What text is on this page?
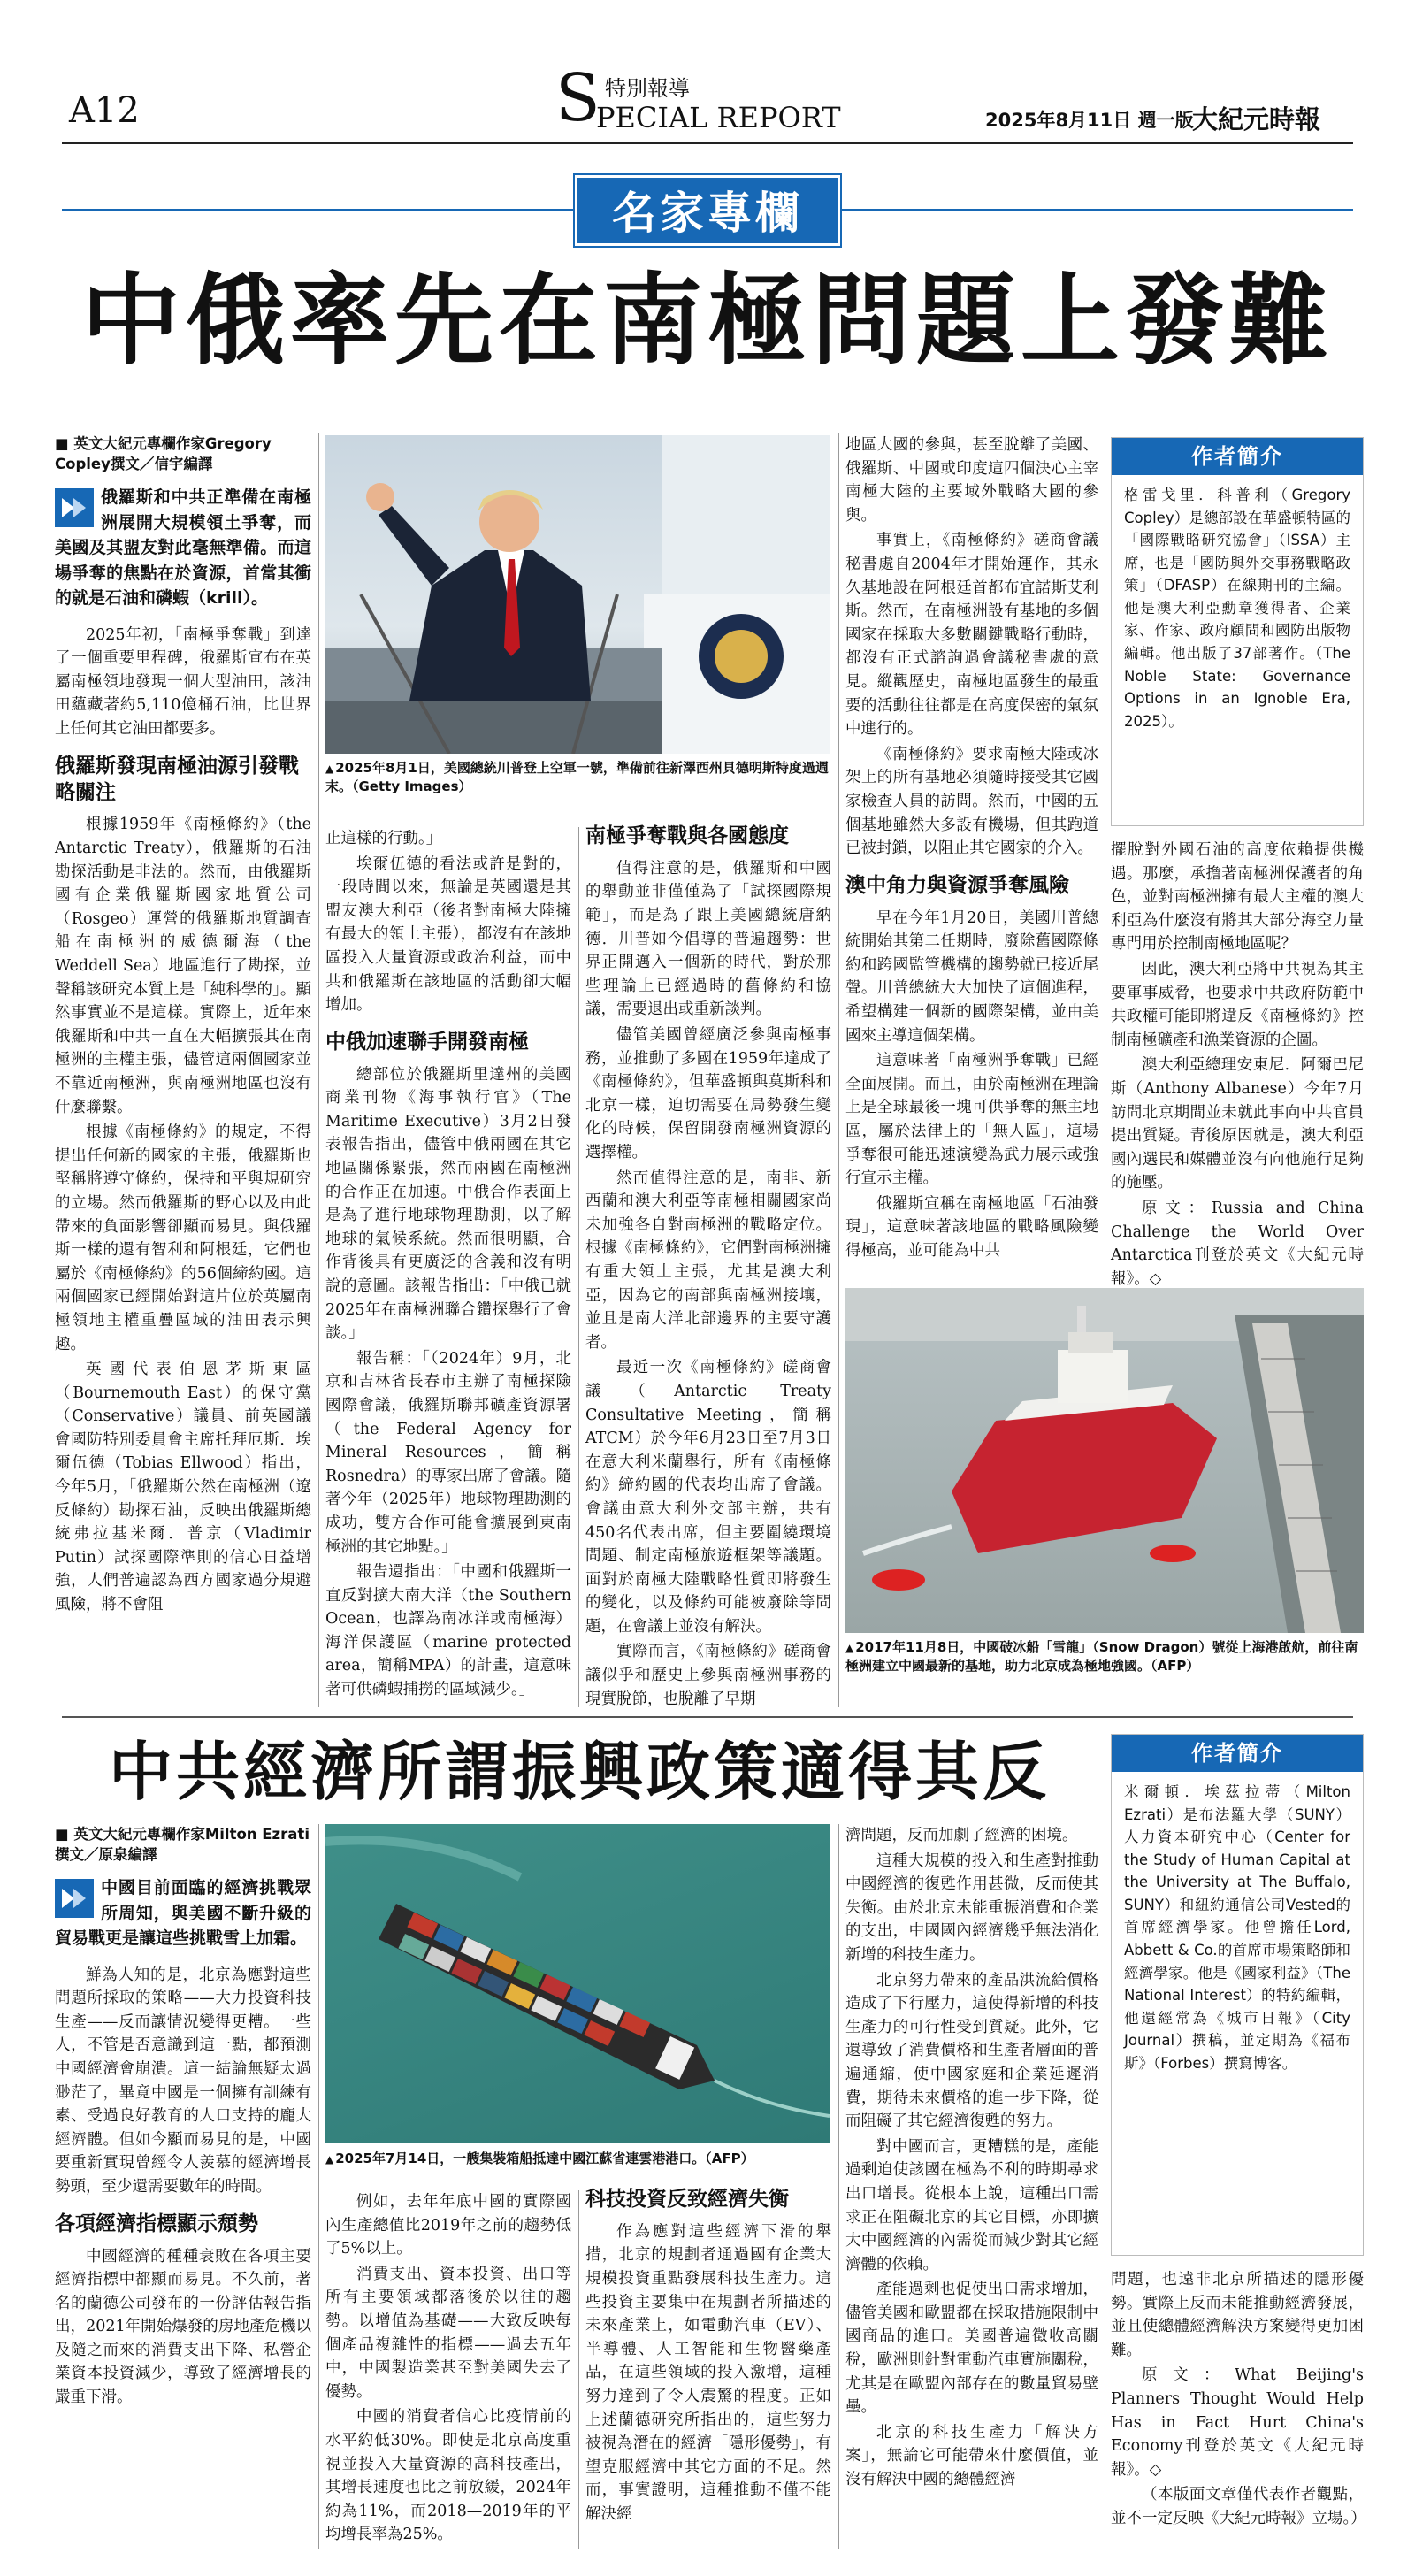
A12	S 特別報導
PECIAL REPORT	2025年8月11日 週一版
大紀元時報
名家專欄
中俄率先在南極問題上發難
■ 英文大紀元專欄作家Gregory Copley撰文／信宇編譯
俄羅斯和中共正準備在南極洲展開大規模領土爭奪，而美國及其盟友對此毫無準備。而這場爭奪的焦點在於資源，首當其衝的就是石油和磷蝦（krill）。
2025年初，「南極爭奪戰」到達了一個重要里程碑，俄羅斯宣布在英屬南極領地發現一個大型油田，該油田蘊藏著約5,110億桶石油，比世界上任何其它油田都要多。
俄羅斯發現南極油源引發戰略關注
根據1959年《南極條約》（the Antarctic Treaty），俄羅斯的石油勘探活動是非法的。然而，由俄羅斯國有企業俄羅斯國家地質公司（Rosgeo）運營的俄羅斯地質調查船在南極洲的威德爾海（the Weddell Sea）地區進行了勘探，並聲稱該研究本質上是「純科學的」。顯然事實並不是這樣。實際上，近年來俄羅斯和中共一直在大幅擴張其在南極洲的主權主張，儘管這兩個國家並不靠近南極洲，與南極洲地區也沒有什麼聯繫。
根據《南極條約》的規定，不得提出任何新的國家的主張，俄羅斯也堅稱將遵守條約，保持和平與規研究的立場。然而俄羅斯的野心以及由此帶來的負面影響卻顯而易見。與俄羅斯一樣的還有智利和阿根廷，它們也屬於《南極條約》的56個締約國。這兩個國家已經開始對這片位於英屬南極領地主權重疊區域的油田表示興趣。
英國代表伯恩茅斯東區（Bournemouth East）的保守黨（Conservative）議員、前英國議會國防特別委員會主席托拜厄斯．埃爾伍德（Tobias Ellwood）指出，今年5月，「俄羅斯公然在南極洲（遼反條約）勘探石油，反映出俄羅斯總統弗拉基米爾．普京（Vladimir Putin）試探國際準則的信心日益增強，人們普遍認為西方國家過分規避風險，將不會阻
▲ 2025年8月1日，美國總統川普登上空軍一號，準備前往新澤西州貝德明斯特度過週末。（Getty Images）
止這樣的行動。」
埃爾伍德的看法或許是對的，一段時間以來，無論是英國還是其盟友澳大利亞（後者對南極大陸擁有最大的領土主張），都沒有在該地區投入大量資源或政治利益，而中共和俄羅斯在該地區的活動卻大幅增加。
中俄加速聯手開發南極
總部位於俄羅斯里達州的美國商業刊物《海事執行官》（The Maritime Executive）3月2日發表報告指出，儘管中俄兩國在其它地區關係緊張，然而兩國在南極洲的合作正在加速。中俄合作表面上是為了進行地球物理勘測，以了解地球的氣候系統。然而很明顯，合作背後具有更廣泛的含義和沒有明說的意圖。該報告指出：「中俄已就2025年在南極洲聯合鑽探舉行了會談。」
報告稱：「（2024年）9月，北京和吉林省長春市主辦了南極探險國際會議，俄羅斯聯邦礦產資源署（the Federal Agency for Mineral Resources，簡稱Rosnedra）的專家出席了會議。隨著今年（2025年）地球物理勘測的成功，雙方合作可能會擴展到東南極洲的其它地點。」
報告還指出：「中國和俄羅斯一直反對擴大南大洋（the Southern Ocean，也譯為南冰洋或南極海）海洋保護區（marine protected area，簡稱MPA）的計畫，這意味著可供磷蝦捕撈的區域減少。」
南極爭奪戰與各國態度
值得注意的是，俄羅斯和中國的舉動並非僅僅為了「試探國際規範」，而是為了跟上美國總統唐納德．川普如今倡導的普遍趨勢：世界正開邁入一個新的時代，對於那些理論上已經過時的舊條約和協議，需要退出或重新談判。
儘管美國曾經廣泛參與南極事務，並推動了多國在1959年達成了《南極條約》，但華盛頓與莫斯科和北京一樣，迫切需要在局勢發生變化的時候，保留開發南極洲資源的選擇權。
然而值得注意的是，南非、新西蘭和澳大利亞等南極相關國家尚未加強各自對南極洲的戰略定位。根據《南極條約》，它們對南極洲擁有重大領土主張，尤其是澳大利亞，因為它的南部與南極洲接壤，並且是南大洋北部邊界的主要守護者。
最近一次《南極條約》磋商會議（Antarctic Treaty Consultative Meeting，簡稱ATCM）於今年6月23日至7月3日在意大利米蘭舉行，所有《南極條約》締約國的代表均出席了會議。會議由意大利外交部主辦，共有450名代表出席，但主要圍繞環境問題、制定南極旅遊框架等議題。面對於南極大陸戰略性質即將發生的變化，以及條約可能被廢除等問題，在會議上並沒有解決。
實際而言，《南極條約》磋商會議似乎和歷史上參與南極洲事務的現實脫節，也脫離了早期
地區大國的參與，甚至脫離了美國、俄羅斯、中國或印度這四個決心主宰南極大陸的主要域外戰略大國的參與。
事實上，《南極條約》磋商會議秘書處自2004年才開始運作，其永久基地設在阿根廷首都布宜諾斯艾利斯。然而，在南極洲設有基地的多個國家在採取大多數關鍵戰略行動時，都沒有正式諮詢過會議秘書處的意見。縱觀歷史，南極地區發生的最重要的活動往往都是在高度保密的氣氛中進行的。
《南極條約》要求南極大陸或冰架上的所有基地必須隨時接受其它國家檢查人員的訪問。然而，中國的五個基地雖然大多設有機場，但其跑道已被封鎖，以阻止其它國家的介入。
澳中角力與資源爭奪風險
早在今年1月20日，美國川普總統開始其第二任期時，廢除舊國際條約和跨國監管機構的趨勢就已接近尾聲。川普總統大大加快了這個進程，希望構建一個新的國際架構，並由美國來主導這個架構。
這意味著「南極洲爭奪戰」已經全面展開。而且，由於南極洲在理論上是全球最後一塊可供爭奪的無主地區，屬於法律上的「無人區」，這場爭奪很可能迅速演變為武力展示或強行宣示主權。
俄羅斯宣稱在南極地區「石油發現」，這意味著該地區的戰略風險變得極高，並可能為中共
作者簡介
格雷戈里．科普利（Gregory Copley）是總部設在華盛頓特區的「國際戰略研究協會」（ISSA）主席，也是「國防與外交事務戰略政策」（DFASP）在線期刊的主編。他是澳大利亞勳章獲得者、企業家、作家、政府顧問和國防出版物編輯。他出版了37部著作。（The Noble State: Governance Options in an Ignoble Era, 2025）。
擺脫對外國石油的高度依賴提供機遇。那麼，承擔著南極洲保護者的角色，並對南極洲擁有最大主權的澳大利亞為什麼沒有將其大部分海空力量專門用於控制南極地區呢？
因此，澳大利亞將中共視為其主要軍事威脅，也要求中共政府防範中共政權可能即將違反《南極條約》控制南極礦產和漁業資源的企圖。
澳大利亞總理安東尼．阿爾巴尼斯（Anthony Albanese）今年7月訪問北京期間並未就此事向中共官員提出質疑。青後原因就是，澳大利亞國內選民和媒體並沒有向他施行足夠的施壓。
原文：Russia and China Challenge the World Over Antarctica刊登於英文《大紀元時報》。◇
▲ 2017年11月8日，中國破冰船「雪龍」（Snow Dragon）號從上海港啟航，前往南極洲建立中國最新的基地，助力北京成為極地強國。（AFP）
中共經濟所謂振興政策適得其反	作者簡介
米爾頓．埃茲拉蒂（Milton Ezrati）是布法羅大學（SUNY）人力資本研究中心（Center for the Study of Human Capital at the University at The Buffalo, SUNY）和紐約通信公司Vested的首席經濟學家。他曾擔任Lord, Abbett & Co.的首席市場策略師和經濟學家。他是《國家利益》（The National Interest）的特約編輯，他還經常為《城市日報》（City Journal）撰稿，並定期為《福布斯》（Forbes）撰寫博客。
■ 英文大紀元專欄作家Milton Ezrati撰文／原泉編譯
中國目前面臨的經濟挑戰眾所周知，與美國不斷升級的貿易戰更是讓這些挑戰雪上加霜。
鮮為人知的是，北京為應對這些問題所採取的策略——大力投資科技生產——反而讓情況變得更糟。一些人，不管是否意識到這一點，都預測中國經濟會崩潰。這一結論無疑太過渺茫了，畢竟中國是一個擁有訓練有素、受過良好教育的人口支持的龐大經濟體。但如今顯而易見的是，中國要重新實現曾經令人羨慕的經濟增長勢頭，至少還需要數年的時間。
各項經濟指標顯示頹勢
中國經濟的種種衰敗在各項主要經濟指標中都顯而易見。不久前，著名的蘭德公司發布的一份評估報告指出，2021年開始爆發的房地產危機以及隨之而來的消費支出下降、私營企業資本投資減少，導致了經濟增長的嚴重下滑。
▲ 2025年7月14日，一艘集裝箱船抵達中國江蘇省連雲港港口。（AFP）
例如，去年年底中國的實際國內生產總值比2019年之前的趨勢低了5%以上。
消費支出、資本投資、出口等所有主要領域都落後於以往的趨勢。以增值為基礎——大致反映每個產品複雜性的指標——過去五年中，中國製造業甚至對美國失去了優勢。
中國的消費者信心比疫情前的水平約低30%。即使是北京高度重視並投入大量資源的高科技產出，其增長速度也比之前放緩，2024年約為11%，而2018—2019年的平均增長率為25%。
科技投資反致經濟失衡
作為應對這些經濟下滑的舉措，北京的規劃者通過國有企業大規模投資重點發展科技生產力。這些投資主要集中在規劃者所描述的未來產業上，如電動汽車（EV）、半導體、人工智能和生物醫藥產品，在這些領域的投入激增，這種努力達到了令人震驚的程度。正如上述蘭德研究所指出的，這些努力被視為潛在的經濟「隱形優勢」，有望克服經濟中其它方面的不足。然而，事實證明，這種推動不僅不能解決經
濟問題，反而加劇了經濟的困境。
這種大規模的投入和生產對推動中國經濟的復甦作用甚微，反而使其失衡。由於北京未能重振消費和企業的支出，中國國內經濟幾乎無法消化新增的科技生產力。
北京努力帶來的產品洪流給價格造成了下行壓力，這使得新增的科技生產力的可行性受到質疑。此外，它還導致了消費價格和生產者層面的普遍通縮，使中國家庭和企業延遲消費，期待未來價格的進一步下降，從而阻礙了其它經濟復甦的努力。
對中國而言，更糟糕的是，產能過剩迫使該國在極為不利的時期尋求出口增長。從根本上說，這種出口需求正在阻礙北京的其它目標，亦即擴大中國經濟的內需從而減少對其它經濟體的依賴。
產能過剩也促使出口需求增加，儘管美國和歐盟都在採取措施限制中國商品的進口。美國普遍徵收高關稅，歐洲則針對電動汽車實施關稅，尤其是在歐盟內部存在的數量貿易壁壘。
北京的科技生產力「解決方案」，無論它可能帶來什麼價值，並沒有解決中國的總體經濟
問題，也遠非北京所描述的隱形優勢。實際上反而未能推動經濟發展，並且使總體經濟解決方案變得更加困難。
原文：What Beijing's Planners Thought Would Help Has in Fact Hurt China's Economy刊登於英文《大紀元時報》。◇
（本版面文章僅代表作者觀點，並不一定反映《大紀元時報》立場。）
